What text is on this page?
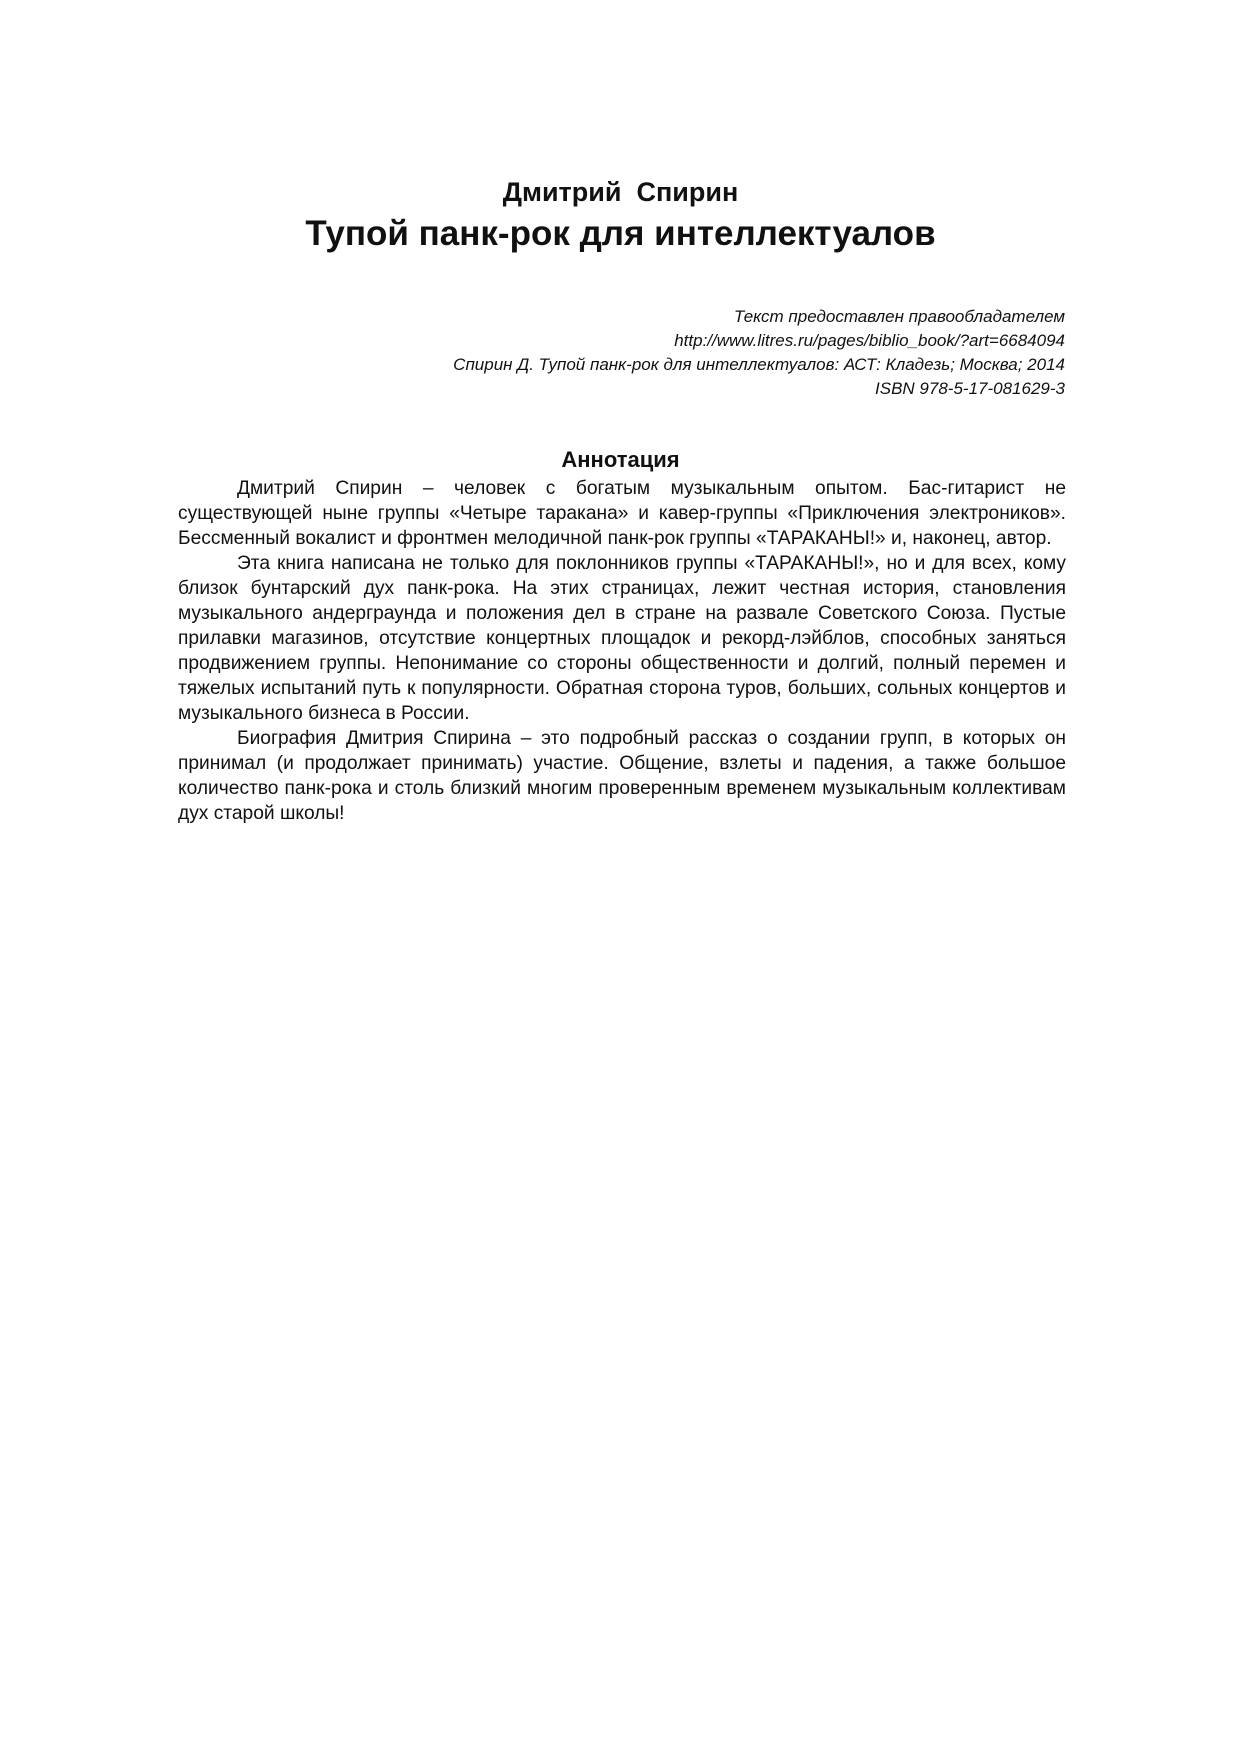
Дмитрий  Спирин
Тупой панк-рок для интеллектуалов
Текст предоставлен правообладателем
http://www.litres.ru/pages/biblio_book/?art=6684094
Спирин Д. Тупой панк-рок для интеллектуалов: АСТ: Кладезь; Москва; 2014
ISBN 978-5-17-081629-3
Аннотация

Дмитрий Спирин – человек с богатым музыкальным опытом. Бас-гитарист не существующей ныне группы «Четыре таракана» и кавер-группы «Приключения электроников». Бессменный вокалист и фронтмен мелодичной панк-рок группы «ТАРАКАНЫ!» и, наконец, автор.

Эта книга написана не только для поклонников группы «ТАРАКАНЫ!», но и для всех, кому близок бунтарский дух панк-рока. На этих страницах, лежит честная история, становления музыкального андерграунда и положения дел в стране на развале Советского Союза. Пустые прилавки магазинов, отсутствие концертных площадок и рекорд-лэйблов, способных заняться продвижением группы. Непонимание со стороны общественности и долгий, полный перемен и тяжелых испытаний путь к популярности. Обратная сторона туров, больших, сольных концертов и музыкального бизнеса в России.

Биография Дмитрия Спирина – это подробный рассказ о создании групп, в которых он принимал (и продолжает принимать) участие. Общение, взлеты и падения, а также большое количество панк-рока и столь близкий многим проверенным временем музыкальным коллективам дух старой школы!
